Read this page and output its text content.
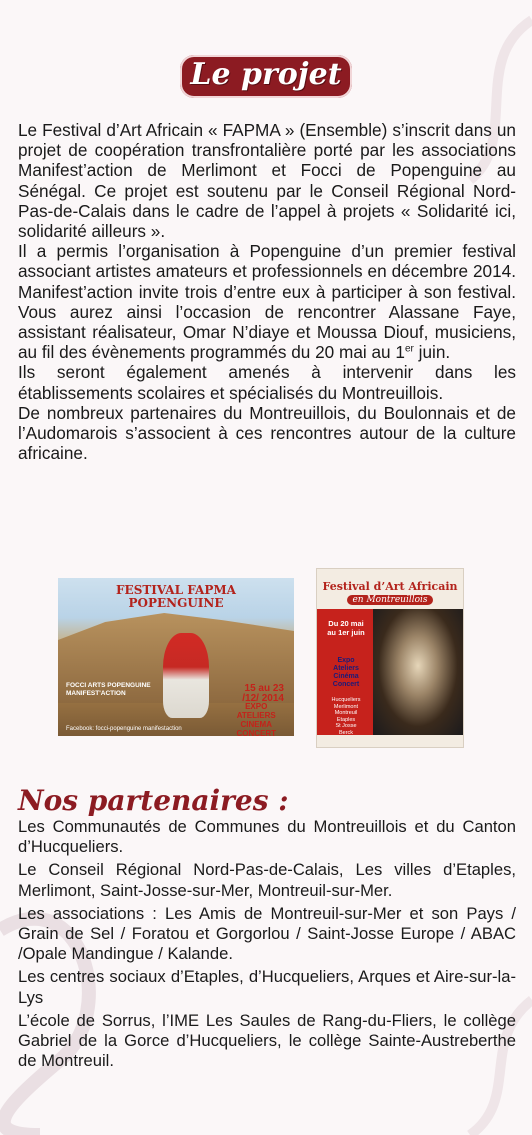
Le projet

Le Festival d’Art Africain « FAPMA » (Ensemble) s’inscrit dans un projet de coopération transfrontalière porté par les associations Manifest’action de Merlimont et Focci de Popenguine au Sénégal. Ce projet est soutenu par le Conseil Régional Nord-Pas-de-Calais dans le cadre de l’appel à projets « Solidarité ici, solidarité ailleurs ».

Il a permis l’organisation à Popenguine d’un premier festival associant artistes amateurs et professionnels en décembre 2014. Manifest’action invite trois d’entre eux à participer à son festival. Vous aurez ainsi l’occasion de rencontrer Alassane Faye, assistant réalisateur, Omar N’diaye et Moussa Diouf, musiciens, au fil des évènements programmés du 20 mai au 1er juin.

Ils seront également amenés à intervenir dans les établissements scolaires et spécialisés du Montreuillois.

De nombreux partenaires du Montreuillois, du Boulonnais et de l’Audomarois s’associent à ces rencontres autour de la culture africaine.

FESTIVAL FAPMA
POPENGUINE
FOCCI ARTS POPENGUINE
MANIFEST'ACTION	15 au 23
/12/ 2014
EXPO
ATELIERS
CINEMA
CONCERT
Facebook: focci-popenguine manifestaction
Festival d’Art Africain
en Montreuillois
Du 20 mai
au 1er juin
Expo
Ateliers
Cinéma
Concert
Hucqueliers
Merlimont
Montreuil
Etaples
St Josse
Berck
Nos partenaires :

Les Communautés de Communes du Montreuillois et du Canton d’Hucqueliers.

Le Conseil Régional Nord-Pas-de-Calais, Les villes d’Etaples, Merlimont, Saint-Josse-sur-Mer, Montreuil-sur-Mer.

Les associations : Les Amis de Montreuil-sur-Mer et son Pays / Grain de Sel / Foratou et Gorgorlou / Saint-Josse Europe / ABAC /Opale Mandingue / Kalande.

Les centres sociaux d’Etaples, d’Hucqueliers, Arques et Aire-sur-la-Lys

L’école de Sorrus, l’IME Les Saules de Rang-du-Fliers, le collège Gabriel de la Gorce d’Hucqueliers, le collège Sainte-Austreberthe de Montreuil.
